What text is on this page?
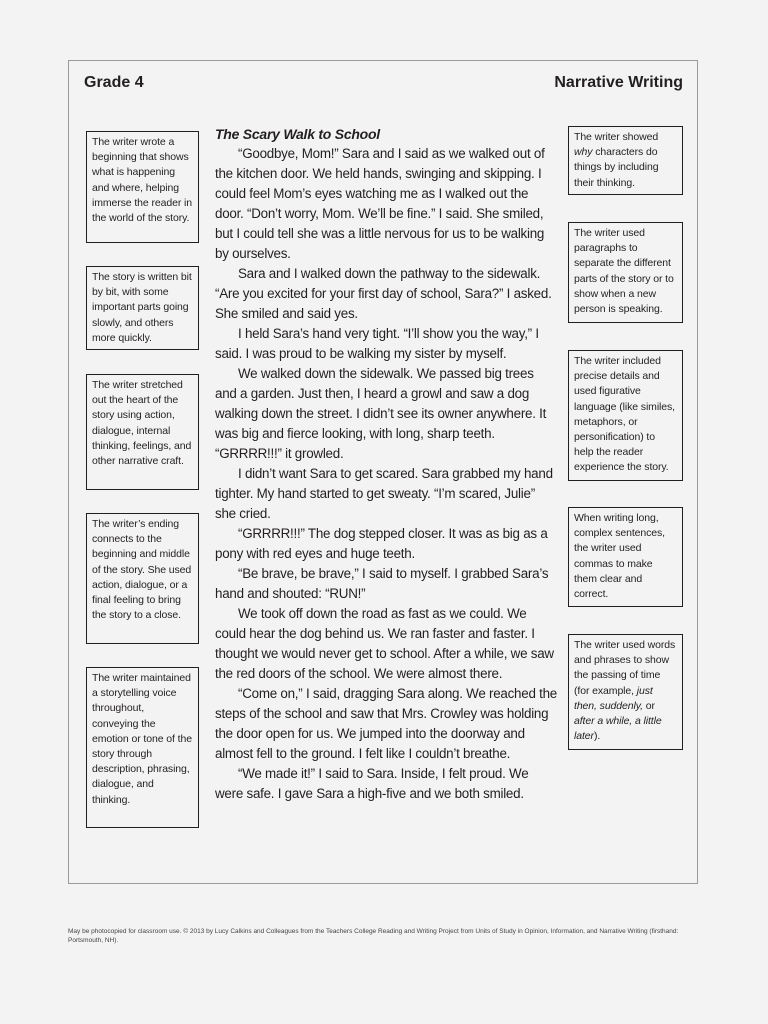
Grade 4	Narrative Writing
The writer wrote a beginning that shows what is happening and where, helping immerse the reader in the world of the story.
The story is written bit by bit, with some important parts going slowly, and others more quickly.
The writer stretched out the heart of the story using action, dialogue, internal thinking, feelings, and other narrative craft.
The writer’s ending connects to the beginning and middle of the story. She used action, dialogue, or a final feeling to bring the story to a close.
The writer maintained a storytelling voice throughout, conveying the emotion or tone of the story through description, phrasing, dialogue, and thinking.
The Scary Walk to School

“Goodbye, Mom!” Sara and I said as we walked out of the kitchen door. We held hands, swinging and skipping. I could feel Mom’s eyes watching me as I walked out the door. “Don’t worry, Mom. We’ll be fine.” I said. She smiled, but I could tell she was a little nervous for us to be walking by ourselves.

Sara and I walked down the pathway to the sidewalk. “Are you excited for your first day of school, Sara?” I asked. She smiled and said yes.

I held Sara’s hand very tight. “I’ll show you the way,” I said. I was proud to be walking my sister by myself.

We walked down the sidewalk. We passed big trees and a garden. Just then, I heard a growl and saw a dog walking down the street. I didn’t see its owner anywhere. It was big and fierce looking, with long, sharp teeth. “GRRRR!!!” it growled.

I didn’t want Sara to get scared. Sara grabbed my hand tighter. My hand started to get sweaty. “I’m scared, Julie” she cried.

“GRRRR!!!” The dog stepped closer. It was as big as a pony with red eyes and huge teeth.

“Be brave, be brave,” I said to myself. I grabbed Sara’s hand and shouted: “RUN!”

We took off down the road as fast as we could. We could hear the dog behind us. We ran faster and faster. I thought we would never get to school. After a while, we saw the red doors of the school. We were almost there.

“Come on,” I said, dragging Sara along. We reached the steps of the school and saw that Mrs. Crowley was holding the door open for us. We jumped into the doorway and almost fell to the ground. I felt like I couldn’t breathe.

“We made it!” I said to Sara. Inside, I felt proud. We were safe. I gave Sara a high-five and we both smiled.

The writer showed why characters do things by including their thinking.
The writer used paragraphs to separate the different parts of the story or to show when a new person is speaking.
The writer included precise details and used figurative language (like similes, metaphors, or personification) to help the reader experience the story.
When writing long, complex sentences, the writer used commas to make them clear and correct.
The writer used words and phrases to show the passing of time (for example, just then, suddenly, or after a while, a little later).
May be photocopied for classroom use. © 2013 by Lucy Calkins and Colleagues from the Teachers College Reading and Writing Project from Units of Study in Opinion, Information, and Narrative Writing (firsthand: Portsmouth, NH).
